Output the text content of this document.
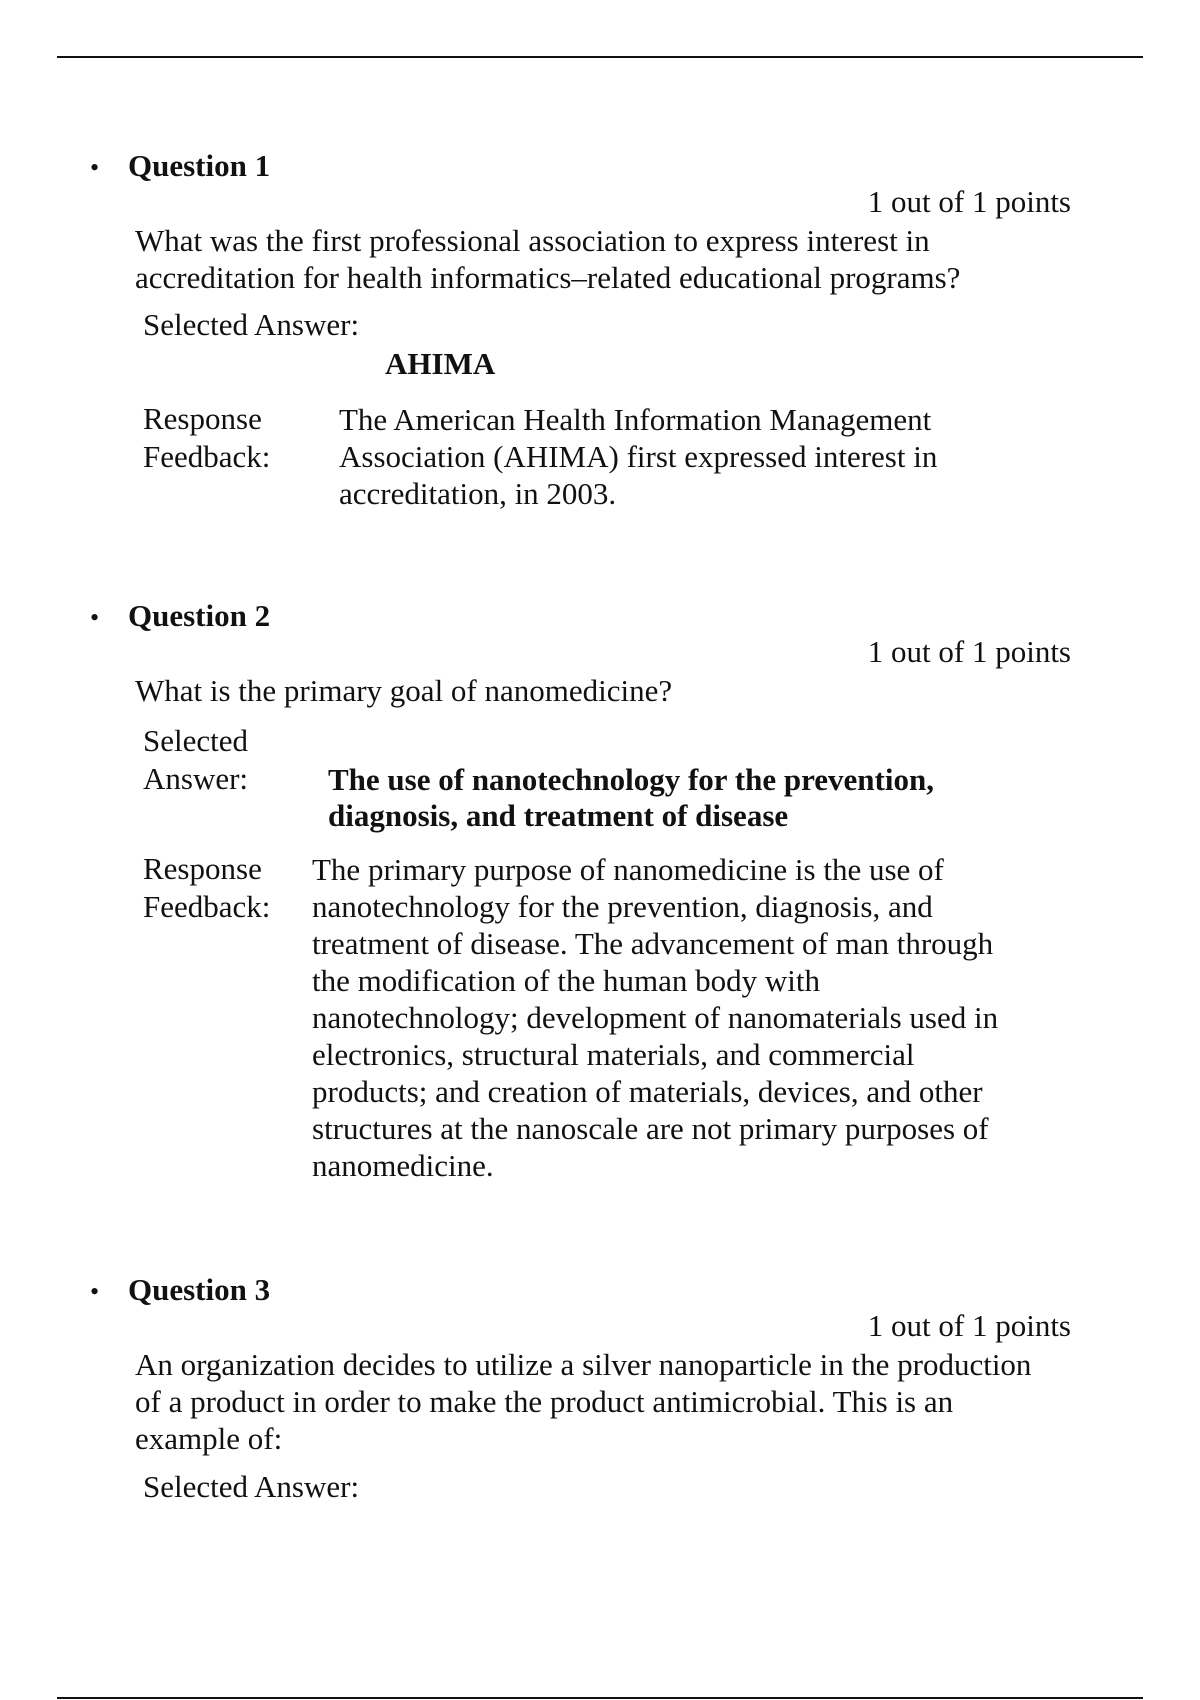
• Question 1
1 out of 1 points
What was the first professional association to express interest in accreditation for health informatics–related educational programs?
Selected Answer:
AHIMA
Response
Feedback:
The American Health Information Management Association (AHIMA) first expressed interest in accreditation, in 2003.
• Question 2
1 out of 1 points
What is the primary goal of nanomedicine?
Selected
Answer:	The use of nanotechnology for the prevention, diagnosis, and treatment of disease
Response
Feedback:
The primary purpose of nanomedicine is the use of nanotechnology for the prevention, diagnosis, and treatment of disease. The advancement of man through the modification of the human body with nanotechnology; development of nanomaterials used in electronics, structural materials, and commercial products; and creation of materials, devices, and other structures at the nanoscale are not primary purposes of nanomedicine.
• Question 3
1 out of 1 points
An organization decides to utilize a silver nanoparticle in the production of a product in order to make the product antimicrobial. This is an example of:
Selected Answer:
